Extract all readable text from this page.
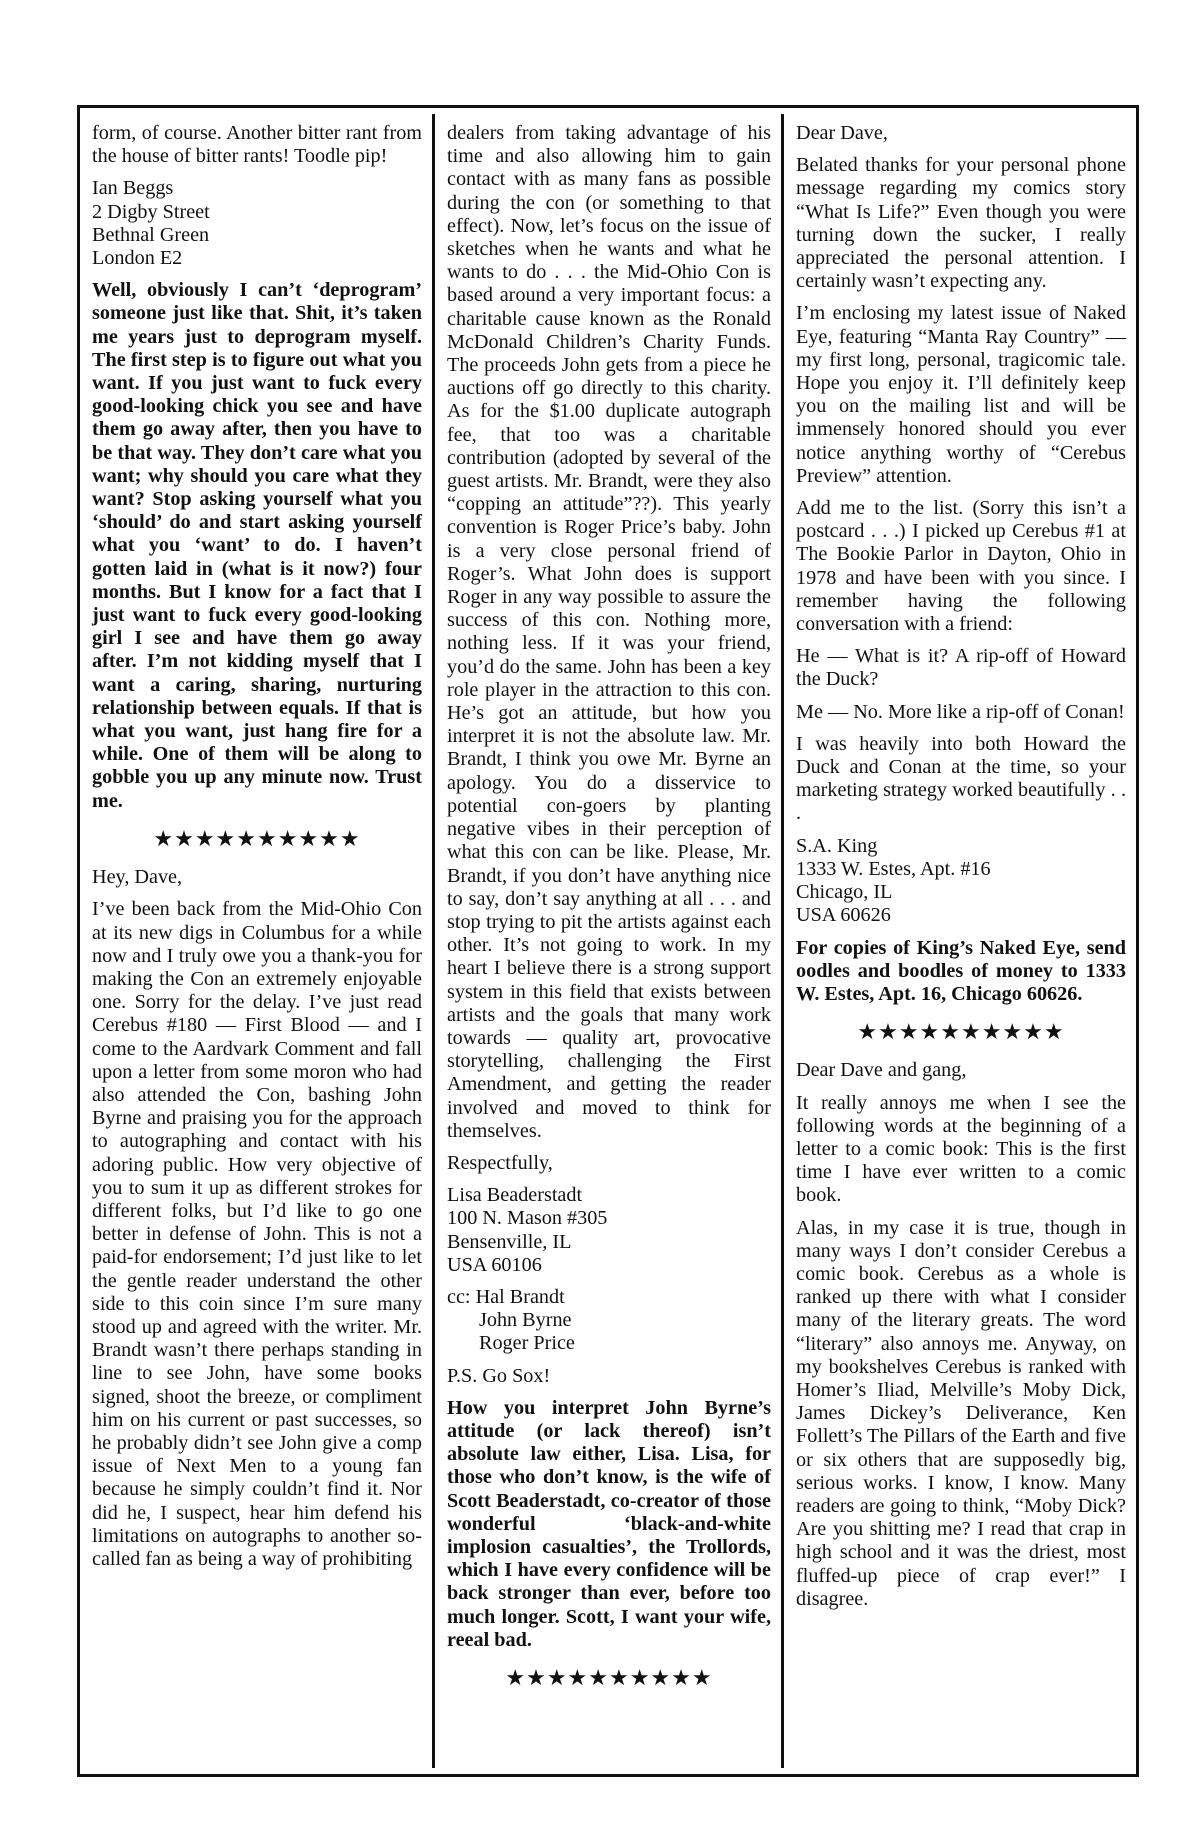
form, of course. Another bitter rant from the house of bitter rants! Toodle pip!

Ian Beggs
2 Digby Street
Bethnal Green
London E2

Well, obviously I can’t ‘deprogram’ someone just like that. Shit, it’s taken me years just to deprogram myself. The first step is to figure out what you want. If you just want to fuck every good-looking chick you see and have them go away after, then you have to be that way. They don’t care what you want; why should you care what they want? Stop asking yourself what you ‘should’ do and start asking yourself what you ‘want’ to do. I haven’t gotten laid in (what is it now?) four months. But I know for a fact that I just want to fuck every good-looking girl I see and have them go away after. I’m not kidding myself that I want a caring, sharing, nurturing relationship between equals. If that is what you want, just hang fire for a while. One of them will be along to gobble you up any minute now. Trust me.

★★★★★★★★★★

Hey, Dave,

I’ve been back from the Mid-Ohio Con at its new digs in Columbus for a while now and I truly owe you a thank-you for making the Con an extremely enjoyable one. Sorry for the delay. I’ve just read Cerebus #180 — First Blood — and I come to the Aardvark Comment and fall upon a letter from some moron who had also attended the Con, bashing John Byrne and praising you for the approach to autographing and contact with his adoring public. How very objective of you to sum it up as different strokes for different folks, but I’d like to go one better in defense of John. This is not a paid-for endorsement; I’d just like to let the gentle reader understand the other side to this coin since I’m sure many stood up and agreed with the writer. Mr. Brandt wasn’t there perhaps standing in line to see John, have some books signed, shoot the breeze, or compliment him on his current or past successes, so he probably didn’t see John give a comp issue of Next Men to a young fan because he simply couldn’t find it. Nor did he, I suspect, hear him defend his limitations on autographs to another so-called fan as being a way of prohibiting

dealers from taking advantage of his time and also allowing him to gain contact with as many fans as possible during the con (or something to that effect). Now, let’s focus on the issue of sketches when he wants and what he wants to do . . . the Mid-Ohio Con is based around a very important focus: a charitable cause known as the Ronald McDonald Children’s Charity Funds. The proceeds John gets from a piece he auctions off go directly to this charity. As for the $1.00 duplicate autograph fee, that too was a charitable contribution (adopted by several of the guest artists. Mr. Brandt, were they also “copping an attitude”??). This yearly convention is Roger Price’s baby. John is a very close personal friend of Roger’s. What John does is support Roger in any way possible to assure the success of this con. Nothing more, nothing less. If it was your friend, you’d do the same. John has been a key role player in the attraction to this con. He’s got an attitude, but how you interpret it is not the absolute law. Mr. Brandt, I think you owe Mr. Byrne an apology. You do a disservice to potential con-goers by planting negative vibes in their perception of what this con can be like. Please, Mr. Brandt, if you don’t have anything nice to say, don’t say anything at all . . . and stop trying to pit the artists against each other. It’s not going to work. In my heart I believe there is a strong support system in this field that exists between artists and the goals that many work towards — quality art, provocative storytelling, challenging the First Amendment, and getting the reader involved and moved to think for themselves.

Respectfully,

Lisa Beaderstadt
100 N. Mason #305
Bensenville, IL
USA 60106
cc: Hal Brandt
John Byrne
Roger Price

P.S. Go Sox!

How you interpret John Byrne’s attitude (or lack thereof) isn’t absolute law either, Lisa. Lisa, for those who don’t know, is the wife of Scott Beaderstadt, co-creator of those wonderful ‘black-and-white implosion casualties’, the Trollords, which I have every confidence will be back stronger than ever, before too much longer. Scott, I want your wife, reeal bad.

★★★★★★★★★★

Dear Dave,

Belated thanks for your personal phone message regarding my comics story “What Is Life?” Even though you were turning down the sucker, I really appreciated the personal attention. I certainly wasn’t expecting any.

I’m enclosing my latest issue of Naked Eye, featuring “Manta Ray Country” — my first long, personal, tragicomic tale. Hope you enjoy it. I’ll definitely keep you on the mailing list and will be immensely honored should you ever notice anything worthy of “Cerebus Preview” attention.

Add me to the list. (Sorry this isn’t a postcard . . .) I picked up Cerebus #1 at The Bookie Parlor in Dayton, Ohio in 1978 and have been with you since. I remember having the following conversation with a friend:

He — What is it? A rip-off of Howard the Duck?

Me — No. More like a rip-off of Conan!

I was heavily into both Howard the Duck and Conan at the time, so your marketing strategy worked beautifully . . .

S.A. King
1333 W. Estes, Apt. #16
Chicago, IL
USA 60626

For copies of King’s Naked Eye, send oodles and boodles of money to 1333 W. Estes, Apt. 16, Chicago 60626.

★★★★★★★★★★

Dear Dave and gang,

It really annoys me when I see the following words at the beginning of a letter to a comic book: This is the first time I have ever written to a comic book.

Alas, in my case it is true, though in many ways I don’t consider Cerebus a comic book. Cerebus as a whole is ranked up there with what I consider many of the literary greats. The word “literary” also annoys me. Anyway, on my bookshelves Cerebus is ranked with Homer’s Iliad, Melville’s Moby Dick, James Dickey’s Deliverance, Ken Follett’s The Pillars of the Earth and five or six others that are supposedly big, serious works. I know, I know. Many readers are going to think, “Moby Dick? Are you shitting me? I read that crap in high school and it was the driest, most fluffed-up piece of crap ever!” I disagree.
